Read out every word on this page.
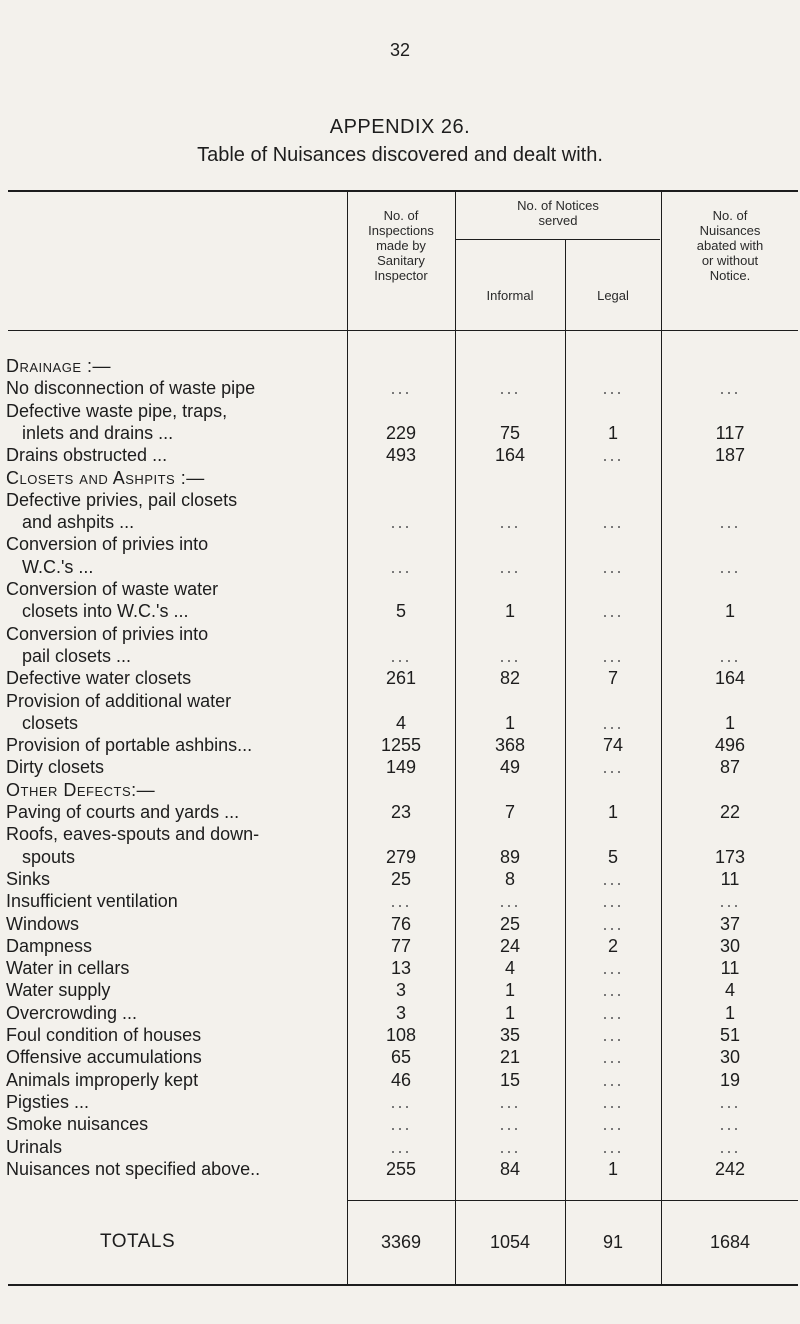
32
APPENDIX 26.
Table of Nuisances discovered and dealt with.
No. of
Inspections
made by
Sanitary
Inspector
No. of Notices
served
Informal	Legal
No. of
Nuisances
abated with
or without
Notice.
Drainage :—
No disconnection of waste pipe	...	...	...	...
Defective waste pipe, traps,
inlets and drains ...	229	75	1	117
Drains obstructed ...	493	164	...	187
Closets and Ashpits :—
Defective privies, pail closets
and ashpits ...	...	...	...	...
Conversion of privies into
W.C.'s ...	...	...	...	...
Conversion of waste water
closets into W.C.'s ...	5	1	...	1
Conversion of privies into
pail closets ...	...	...	...	...
Defective water closets	261	82	7	164
Provision of additional water
closets	4	1	...	1
Provision of portable ashbins...	1255	368	74	496
Dirty closets	149	49	...	87
Other Defects:—
Paving of courts and yards ...	23	7	1	22
Roofs, eaves-spouts and down-
spouts	279	89	5	173
Sinks	25	8	...	11
Insufficient ventilation	...	...	...	...
Windows	76	25	...	37
Dampness	77	24	2	30
Water in cellars	13	4	...	11
Water supply	3	1	...	4
Overcrowding ...	3	1	...	1
Foul condition of houses	108	35	...	51
Offensive accumulations	65	21	...	30
Animals improperly kept	46	15	...	19
Pigsties ...	...	...	...	...
Smoke nuisances	...	...	...	...
Urinals	...	...	...	...
Nuisances not specified above..	255	84	1	242
TOTALS	3369	1054	91	1684
